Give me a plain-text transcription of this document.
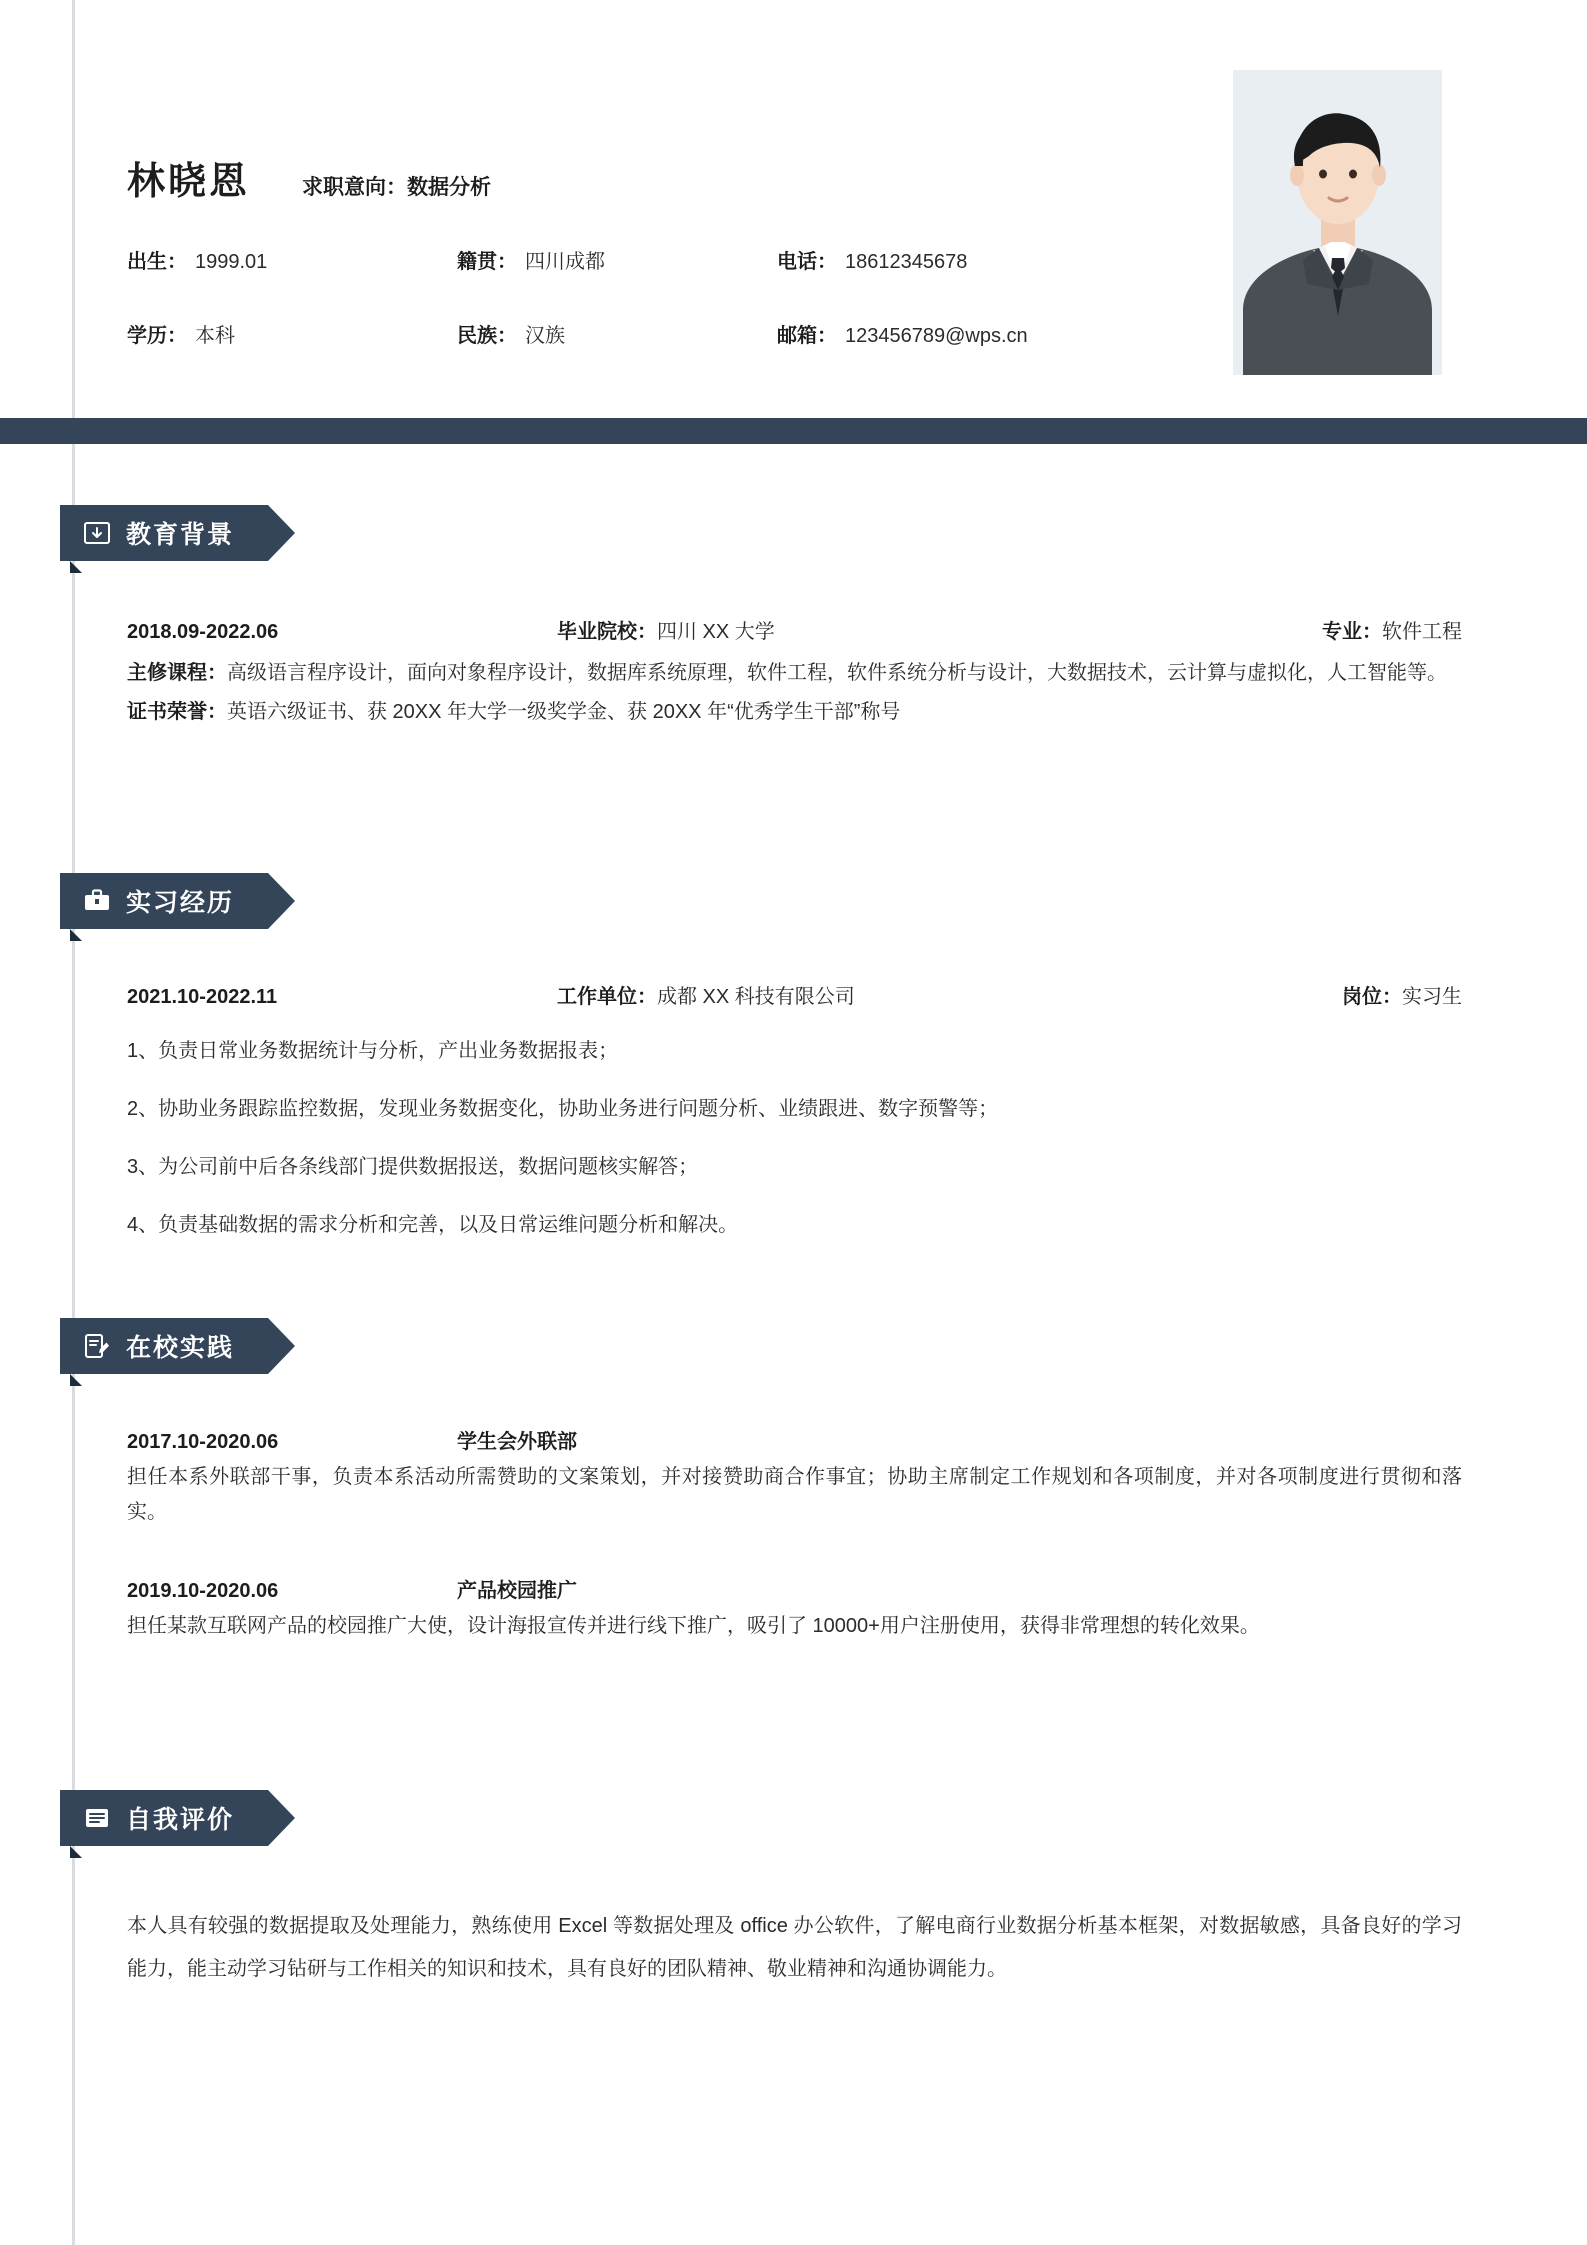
林晓恩 求职意向： 数据分析
出生： 1999.01	籍贯： 四川成都	电话： 18612345678
学历： 本科	民族： 汉族	邮箱： 123456789@wps.cn
教育背景
2018.09-2022.06	毕业院校：四川 XX 大学	专业：软件工程
主修课程：高级语言程序设计，面向对象程序设计，数据库系统原理，软件工程，软件系统分析与设计，大数据技术，云计算与虚拟化，人工智能等。
证书荣誉：英语六级证书、获 20XX 年大学一级奖学金、获 20XX 年“优秀学生干部”称号
实习经历
2021.10-2022.11	工作单位：成都 XX 科技有限公司	岗位：实习生
1、负责日常业务数据统计与分析，产出业务数据报表；
2、协助业务跟踪监控数据，发现业务数据变化，协助业务进行问题分析、业绩跟进、数字预警等；
3、为公司前中后各条线部门提供数据报送，数据问题核实解答；
4、负责基础数据的需求分析和完善，以及日常运维问题分析和解决。
在校实践
2017.10-2020.06	学生会外联部
担任本系外联部干事，负责本系活动所需赞助的文案策划，并对接赞助商合作事宜；协助主席制定工作规划和各项制度，并对各项制度进行贯彻和落实。
2019.10-2020.06	产品校园推广
担任某款互联网产品的校园推广大使，设计海报宣传并进行线下推广，吸引了 10000+用户注册使用，获得非常理想的转化效果。
自我评价
本人具有较强的数据提取及处理能力，熟练使用 Excel 等数据处理及 office 办公软件，了解电商行业数据分析基本框架，对数据敏感，具备良好的学习能力，能主动学习钻研与工作相关的知识和技术，具有良好的团队精神、敬业精神和沟通协调能力。
